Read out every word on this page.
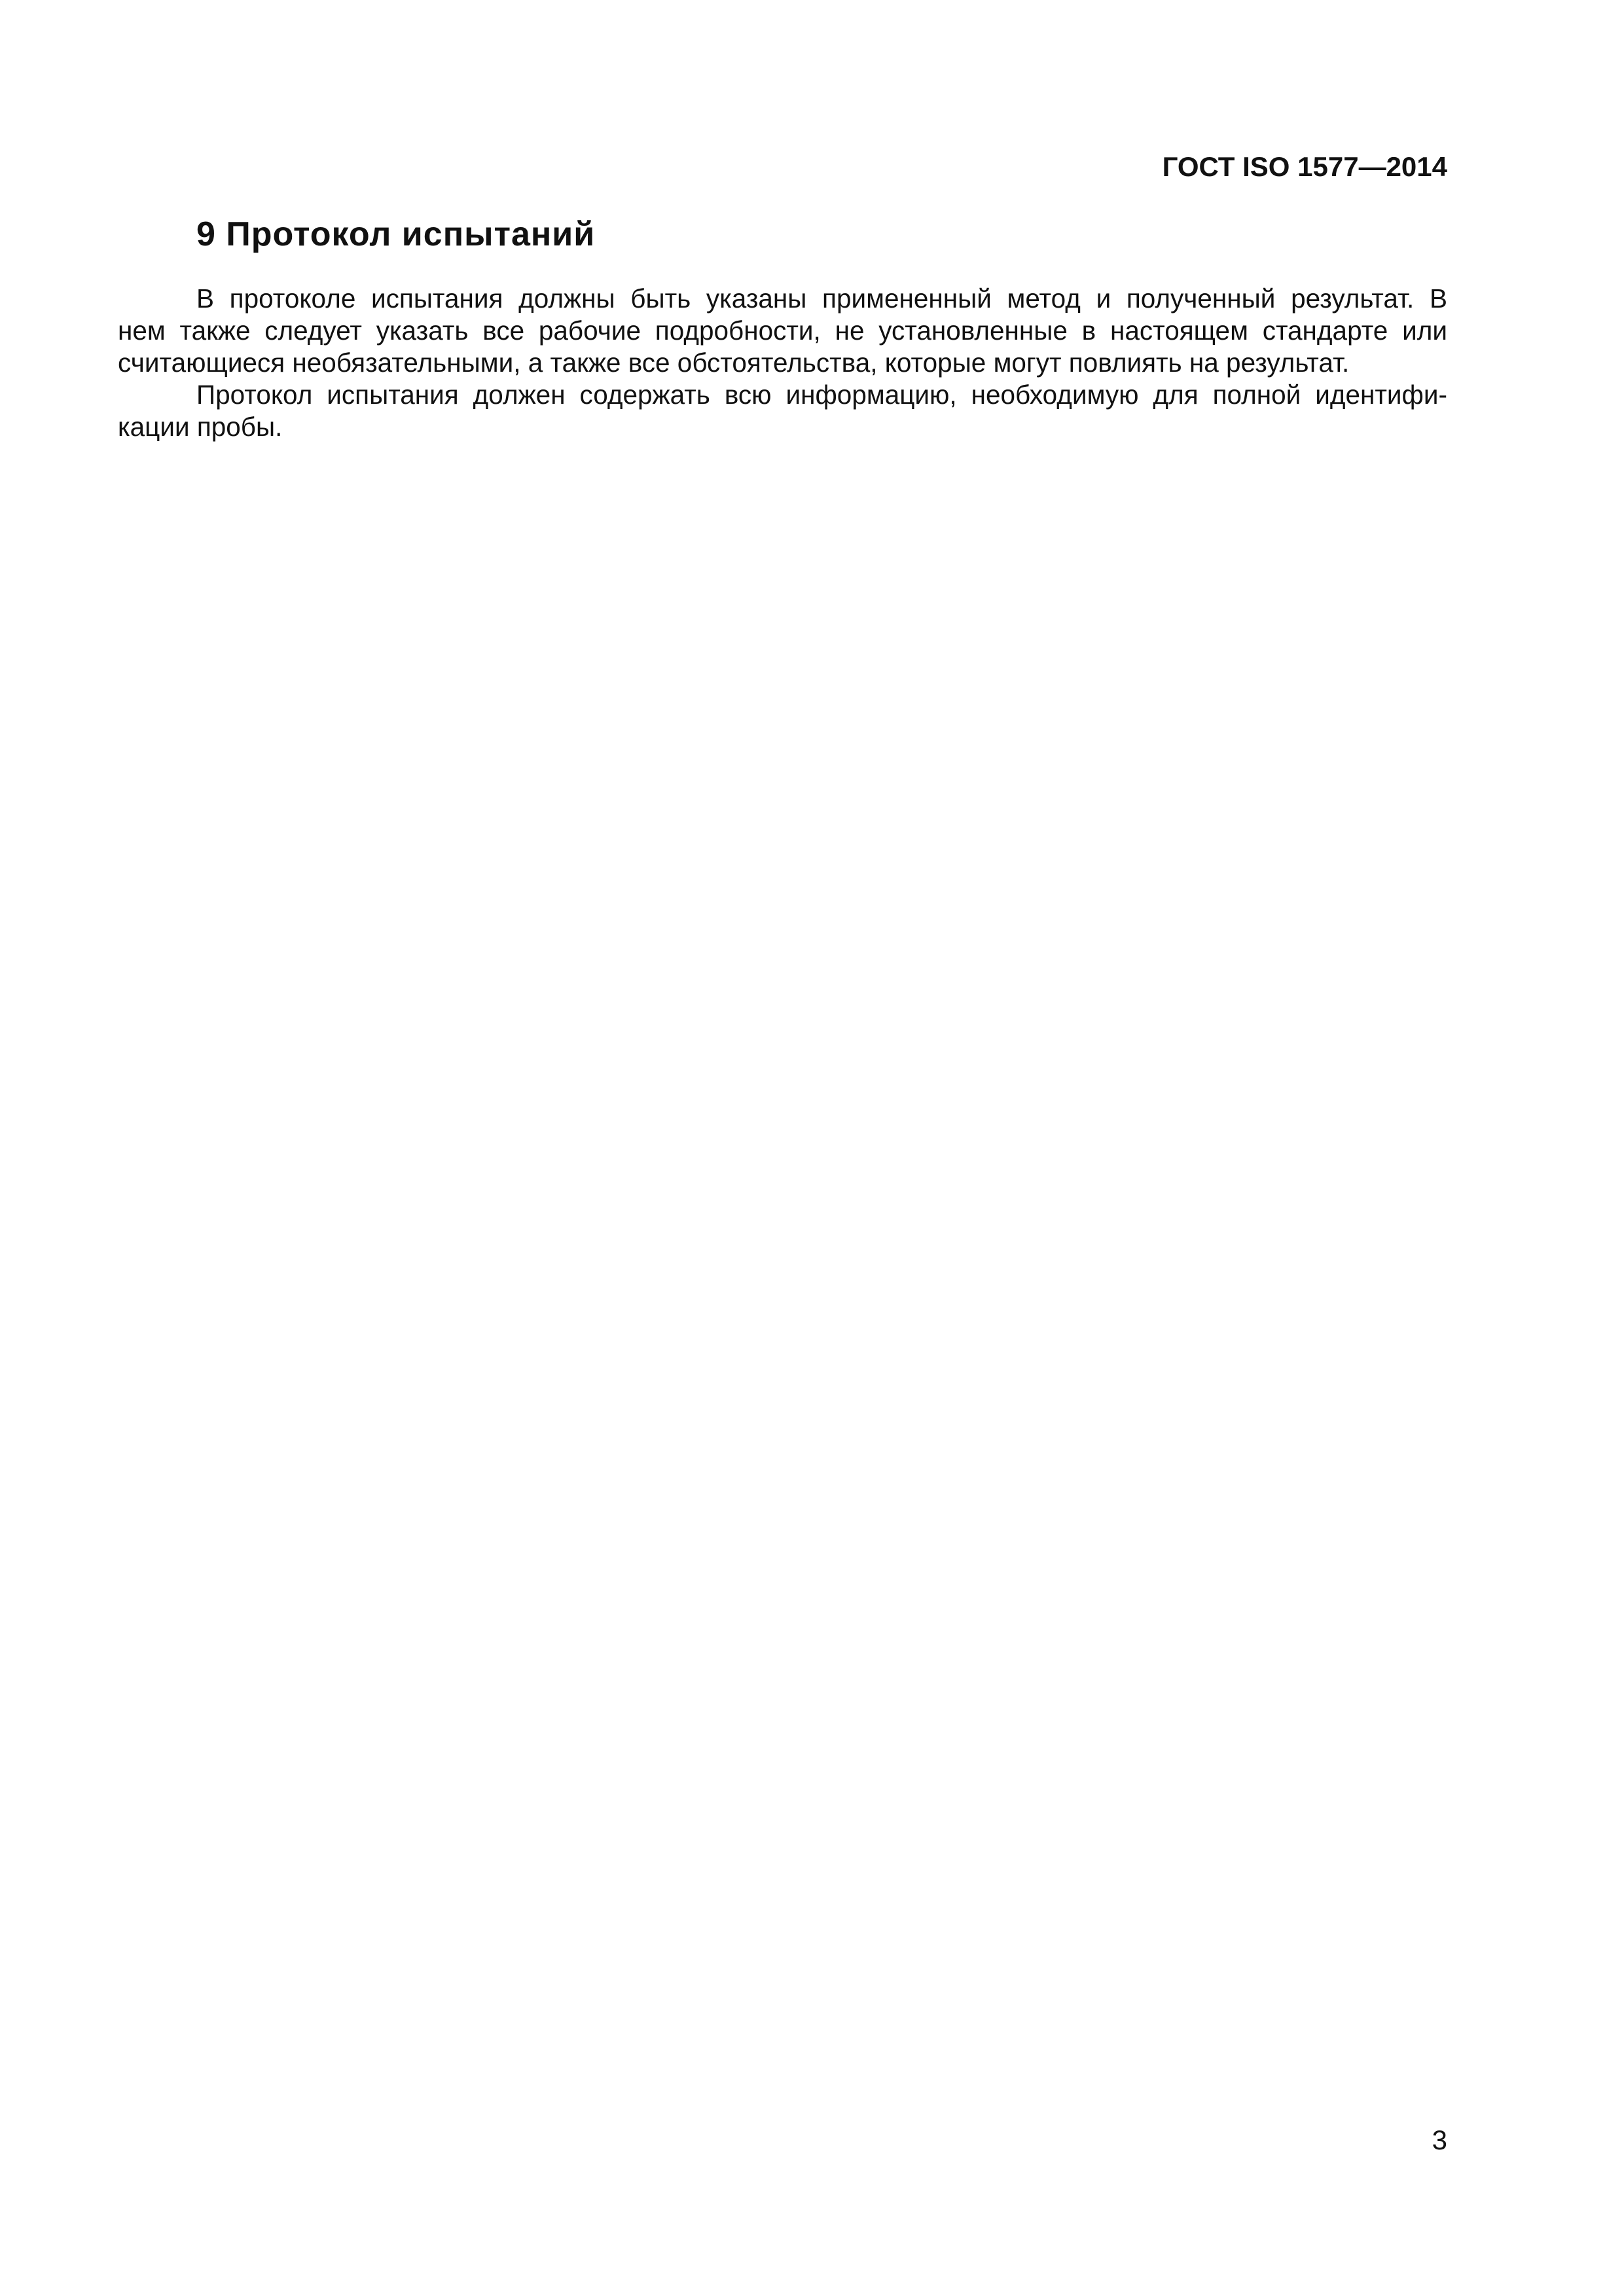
ГОСТ ISO 1577—2014
9 Протокол испытаний
В протоколе испытания должны быть указаны примененный метод и полученный результат. В
нем также следует указать все рабочие подробности, не установленные в настоящем стандарте или
считающиеся необязательными, а также все обстоятельства, которые могут повлиять на результат.
Протокол испытания должен содержать всю информацию, необходимую для полной идентифи-
кации пробы.
3
